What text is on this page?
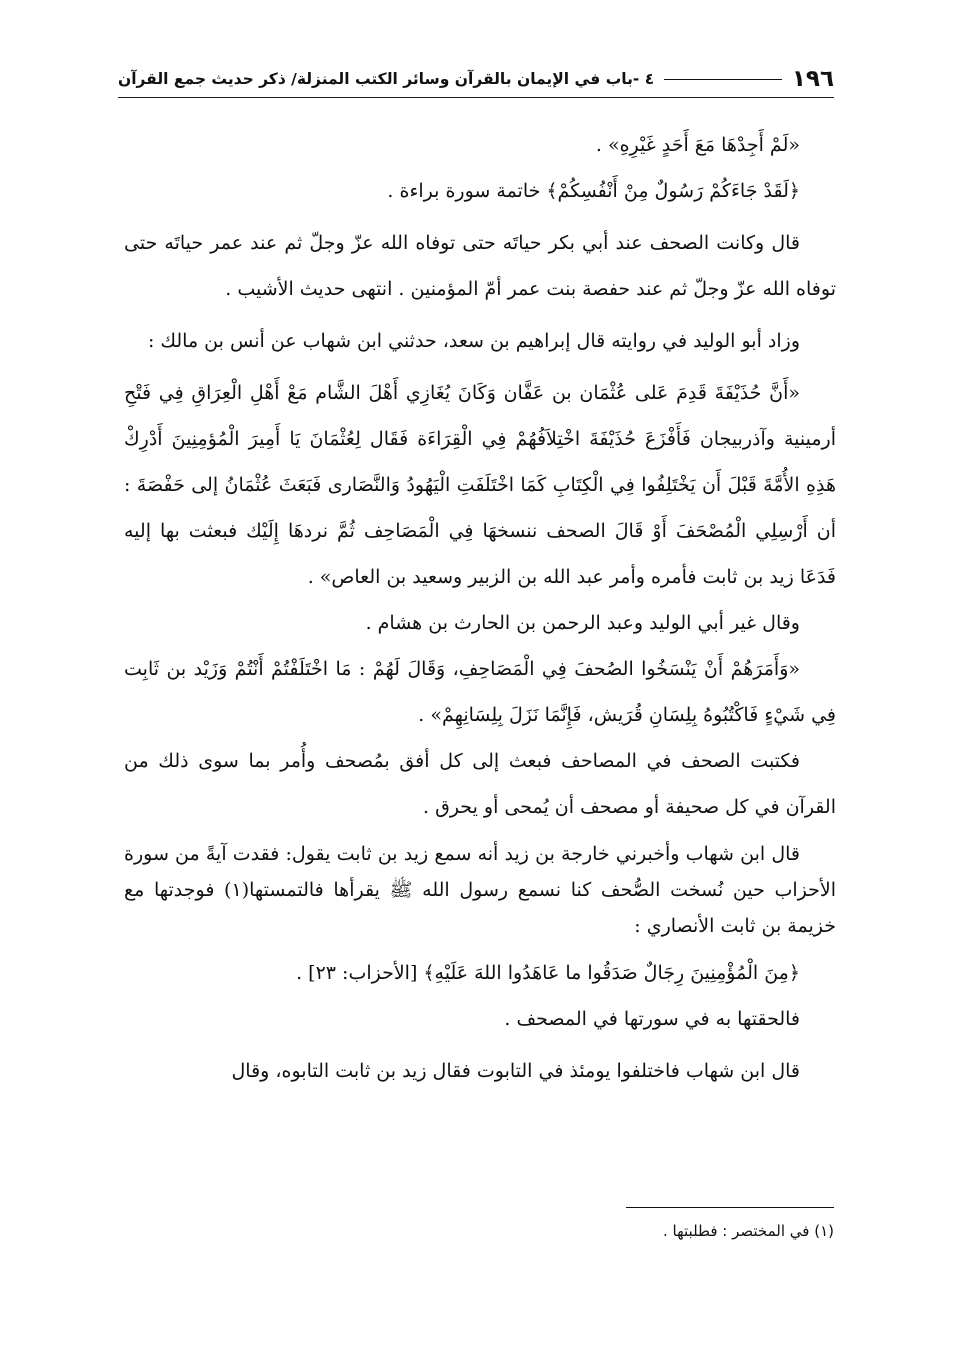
١٩٦
٤ -باب في الإيمان بالقرآن وسائر الكتب المنزلة/ ذكر حديث جمع القرآن

«لَمْ أَجِدْهَا مَعَ أَحَدٍ غَيْرِهِ» .

﴿لَقَدْ جَاءَكُمْ رَسُولٌ مِنْ أَنْفُسِكُمْ﴾ خاتمة سورة براءة .

قال وكانت الصحف عند أبي بكر حياتَه حتى توفاه الله عزّ وجلّ ثم عند عمر حياتَه حتى توفاه الله عزّ وجلّ ثم عند حفصة بنت عمر أمّ المؤمنين . انتهى حديث الأشيب .

وزاد أبو الوليد في روايته قال إبراهيم بن سعد، حدثني ابن شهاب عن أنس بن مالك :

«أَنَّ حُذَيْفَةَ قَدِمَ عَلى عُثْمَان بن عَفَّان وَكَانَ يُغَازِي أَهْلَ الشَّام مَعْ أَهْلِ الْعِرَاقِ فِي فَتْحِ أرمينية وآذربيجان فَأَفْزَعَ حُذَيْفَةَ اخْتِلاَفُهُمْ فِي الْقِرَاءَة فَقَال لِعُثْمَانَ يَا أَمِيرَ الْمُؤمِنِينَ أَدْرِكْ هَذِهِ الأُمَّةَ قَبْلَ أَن يَخْتَلِفُوا فِي الْكِتَابِ كَمَا اخْتَلَفَتِ الْيَهُودُ وَالنَّصَارى فَبَعَثَ عُثْمَانُ إلى حَفْصَةَ : أن أَرْسِلِي الْمُصْحَفَ أَوْ قَالَ الصحف ننسخهَا فِي الْمَصَاحِف ثُمَّ نردهَا إِلَيْك فبعثت بها إليه فَدَعَا زيد بن ثابت فأمره وأمر عبد الله بن الزبير وسعيد بن العاص» .

وقال غير أبي الوليد وعبد الرحمن بن الحارث بن هشام .

«وَأَمَرَهُمْ أَنْ يَنْسَخُوا الصُحفَ فِي الْمَصَاحِفِ، وَقَالَ لَهُمْ : مَا اخْتَلَفْتُمْ أَنْتُمْ وَزَيْد بن ثَابِت فِي شَيْءٍ فَاكْتُبُوهُ بِلِسَانِ قُرَيش، فَإِنَّمَا نَزَلَ بِلِسَانِهِمْ» .

فكتبت الصحف في المصاحف فبعث إلى كل أفق بمُصحف وأُمر بما سوى ذلك من القرآن في كل صحيفة أو مصحف أن يُمحى أو يحرق .

قال ابن شهاب وأخبرني خارجة بن زيد أنه سمع زيد بن ثابت يقول: فقدت آيةً من سورة الأحزاب حين نُسخت الصُّحف كنا نسمع رسول الله ﷺ يقرأها فالتمستها(١) فوجدتها مع خزيمة بن ثابت الأنصاري :

﴿مِنَ الْمُؤْمِنِينَ رِجَالٌ صَدَقُوا ما عَاهَدُوا اللهَ عَلَيْهِ﴾ [الأحزاب: ٢٣] .

فالحقتها به في سورتها في المصحف .

قال ابن شهاب فاختلفوا يومئذ في التابوت فقال زيد بن ثابت التابوه، وقال

(١) في المختصر : فطلبتها .
